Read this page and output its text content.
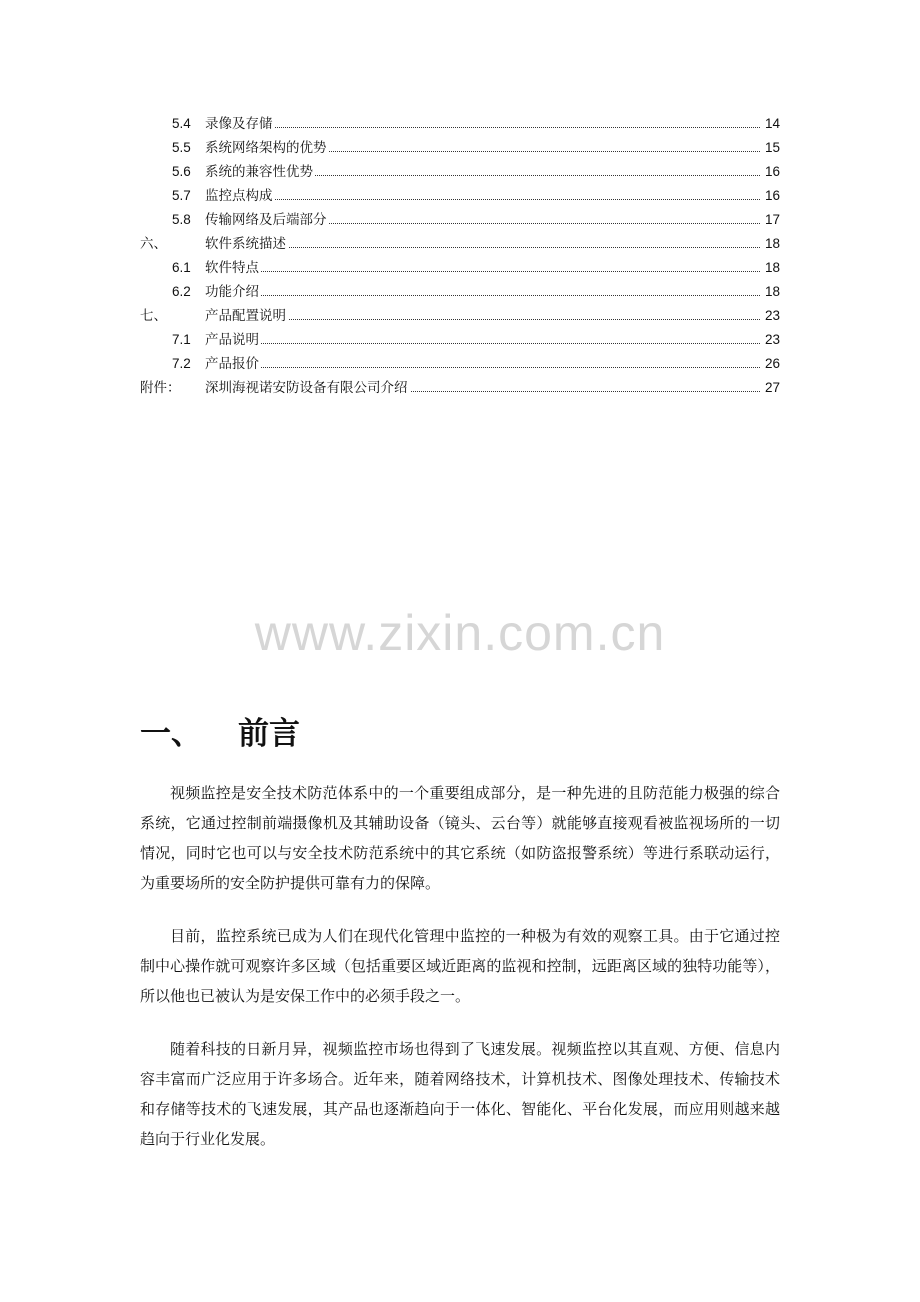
5.4 录像及存储	14
5.5 系统网络架构的优势	15
5.6 系统的兼容性优势	16
5.7 监控点构成	16
5.8 传输网络及后端部分	17
六、	软件系统描述	18
6.1 软件特点	18
6.2 功能介绍	18
七、	产品配置说明	23
7.1 产品说明	23
7.2 产品报价	26
附件： 深圳海视诺安防设备有限公司介绍	27
www.zixin.com.cn
一、 前言

视频监控是安全技术防范体系中的一个重要组成部分，是一种先进的且防范能力极强的综合系统，它通过控制前端摄像机及其辅助设备（镜头、云台等）就能够直接观看被监视场所的一切情况，同时它也可以与安全技术防范系统中的其它系统（如防盗报警系统）等进行系联动运行，为重要场所的安全防护提供可靠有力的保障。

目前，监控系统已成为人们在现代化管理中监控的一种极为有效的观察工具。由于它通过控制中心操作就可观察许多区域（包括重要区域近距离的监视和控制，远距离区域的独特功能等），所以他也已被认为是安保工作中的必须手段之一。

随着科技的日新月异，视频监控市场也得到了飞速发展。视频监控以其直观、方便、信息内容丰富而广泛应用于许多场合。近年来，随着网络技术，计算机技术、图像处理技术、传输技术和存储等技术的飞速发展，其产品也逐渐趋向于一体化、智能化、平台化发展，而应用则越来越趋向于行业化发展。
